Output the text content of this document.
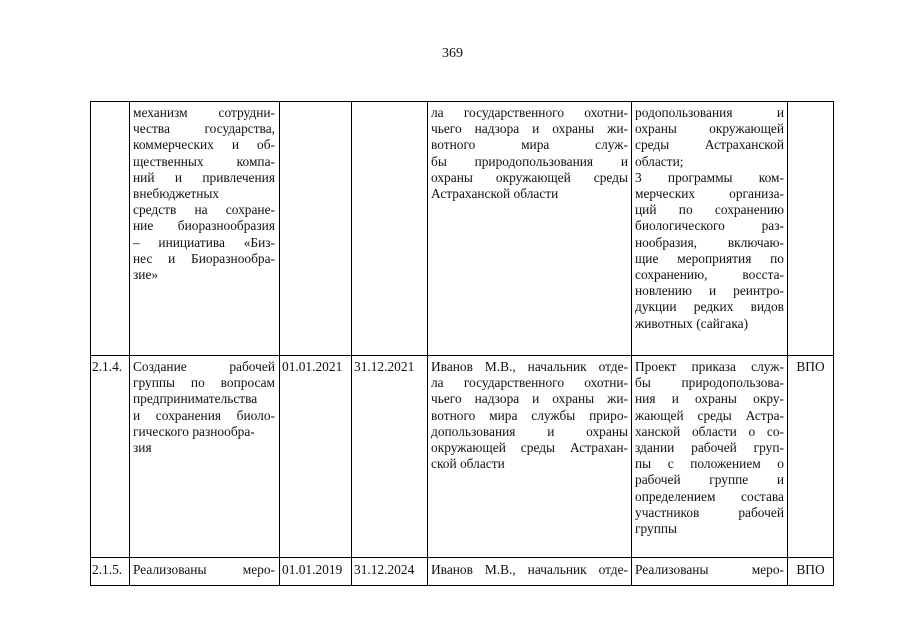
369
механизм сотрудни-
чества государства,
коммерческих и об-
щественных компа-
ний и привлечения
внебюджетных
средств на сохране-
ние биоразнообразия
– инициатива «Биз-
нес и Биоразнообра-
зие»
ла государственного охотни-
чьего надзора и охраны жи-
вотного мира служ-
бы природопользования и
охраны окружающей среды
Астраханской области
родопользования и
охраны окружающей
среды Астраханской
области;
3 программы ком-
мерческих организа-
ций по сохранению
биологического раз-
нообразия, включаю-
щие мероприятия по
сохранению, восста-
новлению и реинтро-
дукции редких видов
животных (сайгака)
2.1.4. Создание рабочей
группы по вопросам
предпринимательства
и сохранения биоло-
гического разнообра-
зия
01.01.2021 31.12.2021	Иванов М.В., начальник отде-
ла государственного охотни-
чьего надзора и охраны жи-
вотного мира службы приро-
допользования и охраны
окружающей среды Астрахан-
ской области
Проект приказа служ-
бы природопользова-
ния и охраны окру-
жающей среды Астра-
ханской области о со-
здании рабочей груп-
пы с положением о
рабочей группе и
определением состава
участников рабочей
группы
ВПО
2.1.5. Реализованы меро- 01.01.2019 31.12.2024	Иванов М.В., начальник отде- Реализованы меро- ВПО
